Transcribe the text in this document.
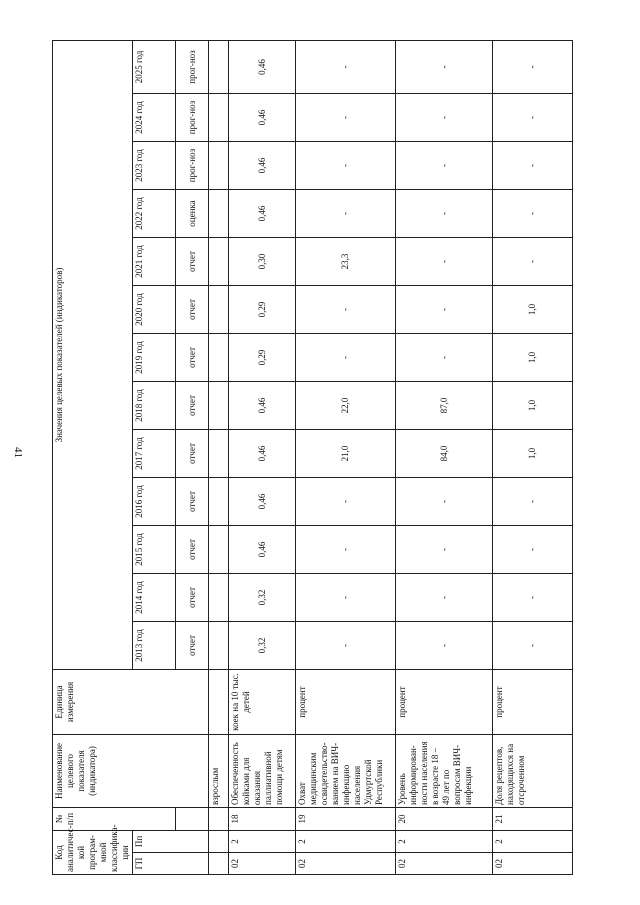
41
Код аналитичес-кой програм-мной классифика-ции		№ п/п	Наименование целевого показателя (индикатора)	Единица измерения	Значения целевых показателей (индикаторов)												
ГП	Пп				2013 год	2014 год	2015 год	2016 год	2017 год	2018 год	2019 год	2020 год	2021 год	2022 год	2023 год	2024 год	2025 год
					отчет	отчет	отчет	отчет	отчет	отчет	отчет	отчет	отчет	оценка	прог-ноз	прог-ноз	прог-ноз
			взрослым														
02	2	18	Обеспеченность койками для оказания паллиативной помощи детям	коек на 10 тыс. детей	0,32	0,32	0,46	0,46	0,46	0,46	0,29	0,29	0,30	0,46	0,46	0,46	0,46
02	2	19	Охват медицинским освидетельство-ванием на ВИЧ-инфекцию населения Удмуртской Республики	процент	-	-	-	-	21,0	22,0	-	-	23,3	-	-	-	-
02	2	20	Уровень информирован-ности населения в возрасте 18 – 49 лет по вопросам ВИЧ-инфекции	процент	-	-	-	-	84,0	87,0	-	-	-	-	-	-	-
02	2	21	Доля рецептов, находящихся на отсроченном	процент	-	-	-	-	1,0	1,0	1,0	1,0	-	-	-	-	-
